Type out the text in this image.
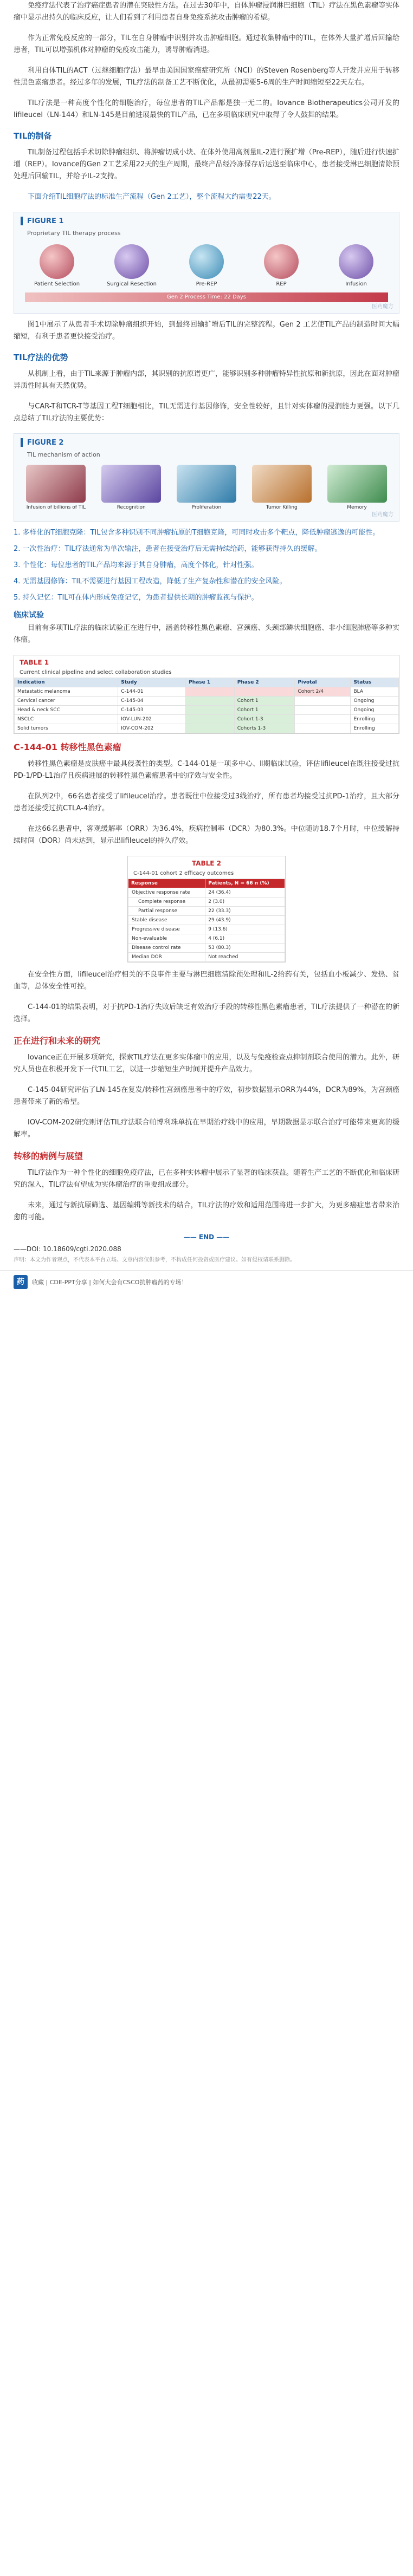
免疫疗法代表了治疗癌症患者的潜在突破性方法。在过去30年中，自体肿瘤浸润淋巴细胞（TIL）疗法在黑色素瘤等实体瘤中显示出持久的临床反应，让人们看到了利用患者自身免疫系统攻击肿瘤的希望。

作为正常免疫反应的一部分，TIL在自身肿瘤中识别并攻击肿瘤细胞。通过收集肿瘤中的TIL，在体外大量扩增后回输给患者，TIL可以增强机体对肿瘤的免疫攻击能力，诱导肿瘤消退。

利用自体TIL的ACT（过继细胞疗法）最早由美国国家癌症研究所（NCI）的Steven Rosenberg等人开发并应用于转移性黑色素瘤患者。经过多年的发展，TIL疗法的制备工艺不断优化，从最初需要5-6周的生产时间缩短至22天左右。

TIL疗法是一种高度个性化的细胞治疗，每位患者的TIL产品都是独一无二的。Iovance Biotherapeutics公司开发的lifileucel（LN-144）和LN-145是目前进展最快的TIL产品，已在多项临床研究中取得了令人鼓舞的结果。

TIL的制备

TIL制备过程包括手术切除肿瘤组织、将肿瘤切成小块、在体外使用高剂量IL-2进行预扩增（Pre-REP），随后进行快速扩增（REP）。Iovance的Gen 2工艺采用22天的生产周期，最终产品经冷冻保存后运送至临床中心，患者接受淋巴细胞清除预处理后回输TIL，并给予IL-2支持。

下面介绍TIL细胞疗法的标准生产流程（Gen 2工艺），整个流程大约需要22天。

FIGURE 1
Proprietary TIL therapy process
Patient Selection	Surgical Resection	Pre-REP	REP	Infusion
Gen 2 Process Time: 22 Days
医药魔方

图1中展示了从患者手术切除肿瘤组织开始，到最终回输扩增后TIL的完整流程。Gen 2 工艺使TIL产品的制造时间大幅缩短，有利于患者更快接受治疗。

TIL疗法的优势

从机制上看，由于TIL来源于肿瘤内部，其识别的抗原谱更广，能够识别多种肿瘤特异性抗原和新抗原，因此在面对肿瘤异质性时具有天然优势。

与CAR-T和TCR-T等基因工程T细胞相比，TIL无需进行基因修饰，安全性较好，且针对实体瘤的浸润能力更强。以下几点总结了TIL疗法的主要优势：

FIGURE 2
TIL mechanism of action
Infusion of billions of TIL	Recognition	Proliferation	Tumor Killing	Memory
医药魔方

1. 多样化的T细胞克隆：TIL包含多种识别不同肿瘤抗原的T细胞克隆，可同时攻击多个靶点，降低肿瘤逃逸的可能性。

2. 一次性治疗：TIL疗法通常为单次输注，患者在接受治疗后无需持续给药，能够获得持久的缓解。

3. 个性化：每位患者的TIL产品均来源于其自身肿瘤，高度个体化，针对性强。

4. 无需基因修饰：TIL不需要进行基因工程改造，降低了生产复杂性和潜在的安全风险。

5. 持久记忆：TIL可在体内形成免疫记忆，为患者提供长期的肿瘤监视与保护。

临床试验

目前有多项TIL疗法的临床试验正在进行中，涵盖转移性黑色素瘤、宫颈癌、头颈部鳞状细胞癌、非小细胞肺癌等多种实体瘤。

TABLE 1
Current clinical pipeline and select collaboration studies
Indication	Study	Phase 1	Phase 2	Pivotal	Status
Metastatic melanoma	C-144-01			Cohort 2/4	BLA
Cervical cancer	C-145-04		Cohort 1		Ongoing
Head & neck SCC	C-145-03		Cohort 1		Ongoing
NSCLC	IOV-LUN-202		Cohort 1-3		Enrolling
Solid tumors	IOV-COM-202		Cohorts 1-3		Enrolling
C-144-01 转移性黑色素瘤

转移性黑色素瘤是皮肤癌中最具侵袭性的类型。C-144-01是一项多中心、Ⅱ期临床试验，评估lifileucel在既往接受过抗PD-1/PD-L1治疗且疾病进展的转移性黑色素瘤患者中的疗效与安全性。

在队列2中，66名患者接受了lifileucel治疗。患者既往中位接受过3线治疗，所有患者均接受过抗PD-1治疗，且大部分患者还接受过抗CTLA-4治疗。

在这66名患者中，客观缓解率（ORR）为36.4%，疾病控制率（DCR）为80.3%。中位随访18.7个月时，中位缓解持续时间（DOR）尚未达到，显示出lifileucel的持久疗效。

TABLE 2
C-144-01 cohort 2 efficacy outcomes
Response	Patients, N = 66 n (%)
Objective response rate	24 (36.4)
Complete response	2 (3.0)
Partial response	22 (33.3)
Stable disease	29 (43.9)
Progressive disease	9 (13.6)
Non-evaluable	4 (6.1)
Disease control rate	53 (80.3)
Median DOR	Not reached

在安全性方面，lifileucel治疗相关的不良事件主要与淋巴细胞清除预处理和IL-2给药有关，包括血小板减少、发热、贫血等，总体安全性可控。

C-144-01的结果表明，对于抗PD-1治疗失败后缺乏有效治疗手段的转移性黑色素瘤患者，TIL疗法提供了一种潜在的新选择。

正在进行和未来的研究

Iovance正在开展多项研究，探索TIL疗法在更多实体瘤中的应用，以及与免疫检查点抑制剂联合使用的潜力。此外，研究人员也在积极开发下一代TIL工艺，以进一步缩短生产时间并提升产品效力。

C-145-04研究评估了LN-145在复发/转移性宫颈癌患者中的疗效，初步数据显示ORR为44%，DCR为89%，为宫颈癌患者带来了新的希望。

IOV-COM-202研究则评估TIL疗法联合帕博利珠单抗在早期治疗线中的应用，早期数据显示联合治疗可能带来更高的缓解率。

转移的病例与展望

TIL疗法作为一种个性化的细胞免疫疗法，已在多种实体瘤中展示了显著的临床获益。随着生产工艺的不断优化和临床研究的深入，TIL疗法有望成为实体瘤治疗的重要组成部分。

未来，通过与新抗原筛选、基因编辑等新技术的结合，TIL疗法的疗效和适用范围将进一步扩大，为更多癌症患者带来治愈的可能。

—— END ——
——DOI: 10.18609/cgti.2020.088
声明：本文为作者观点，不代表本平台立场。文章内容仅供参考，不构成任何投资或医疗建议。如有侵权请联系删除。
药	收藏 | CDE-PPT分享 | 如何大会有CSCO抗肿瘤药的专场！
